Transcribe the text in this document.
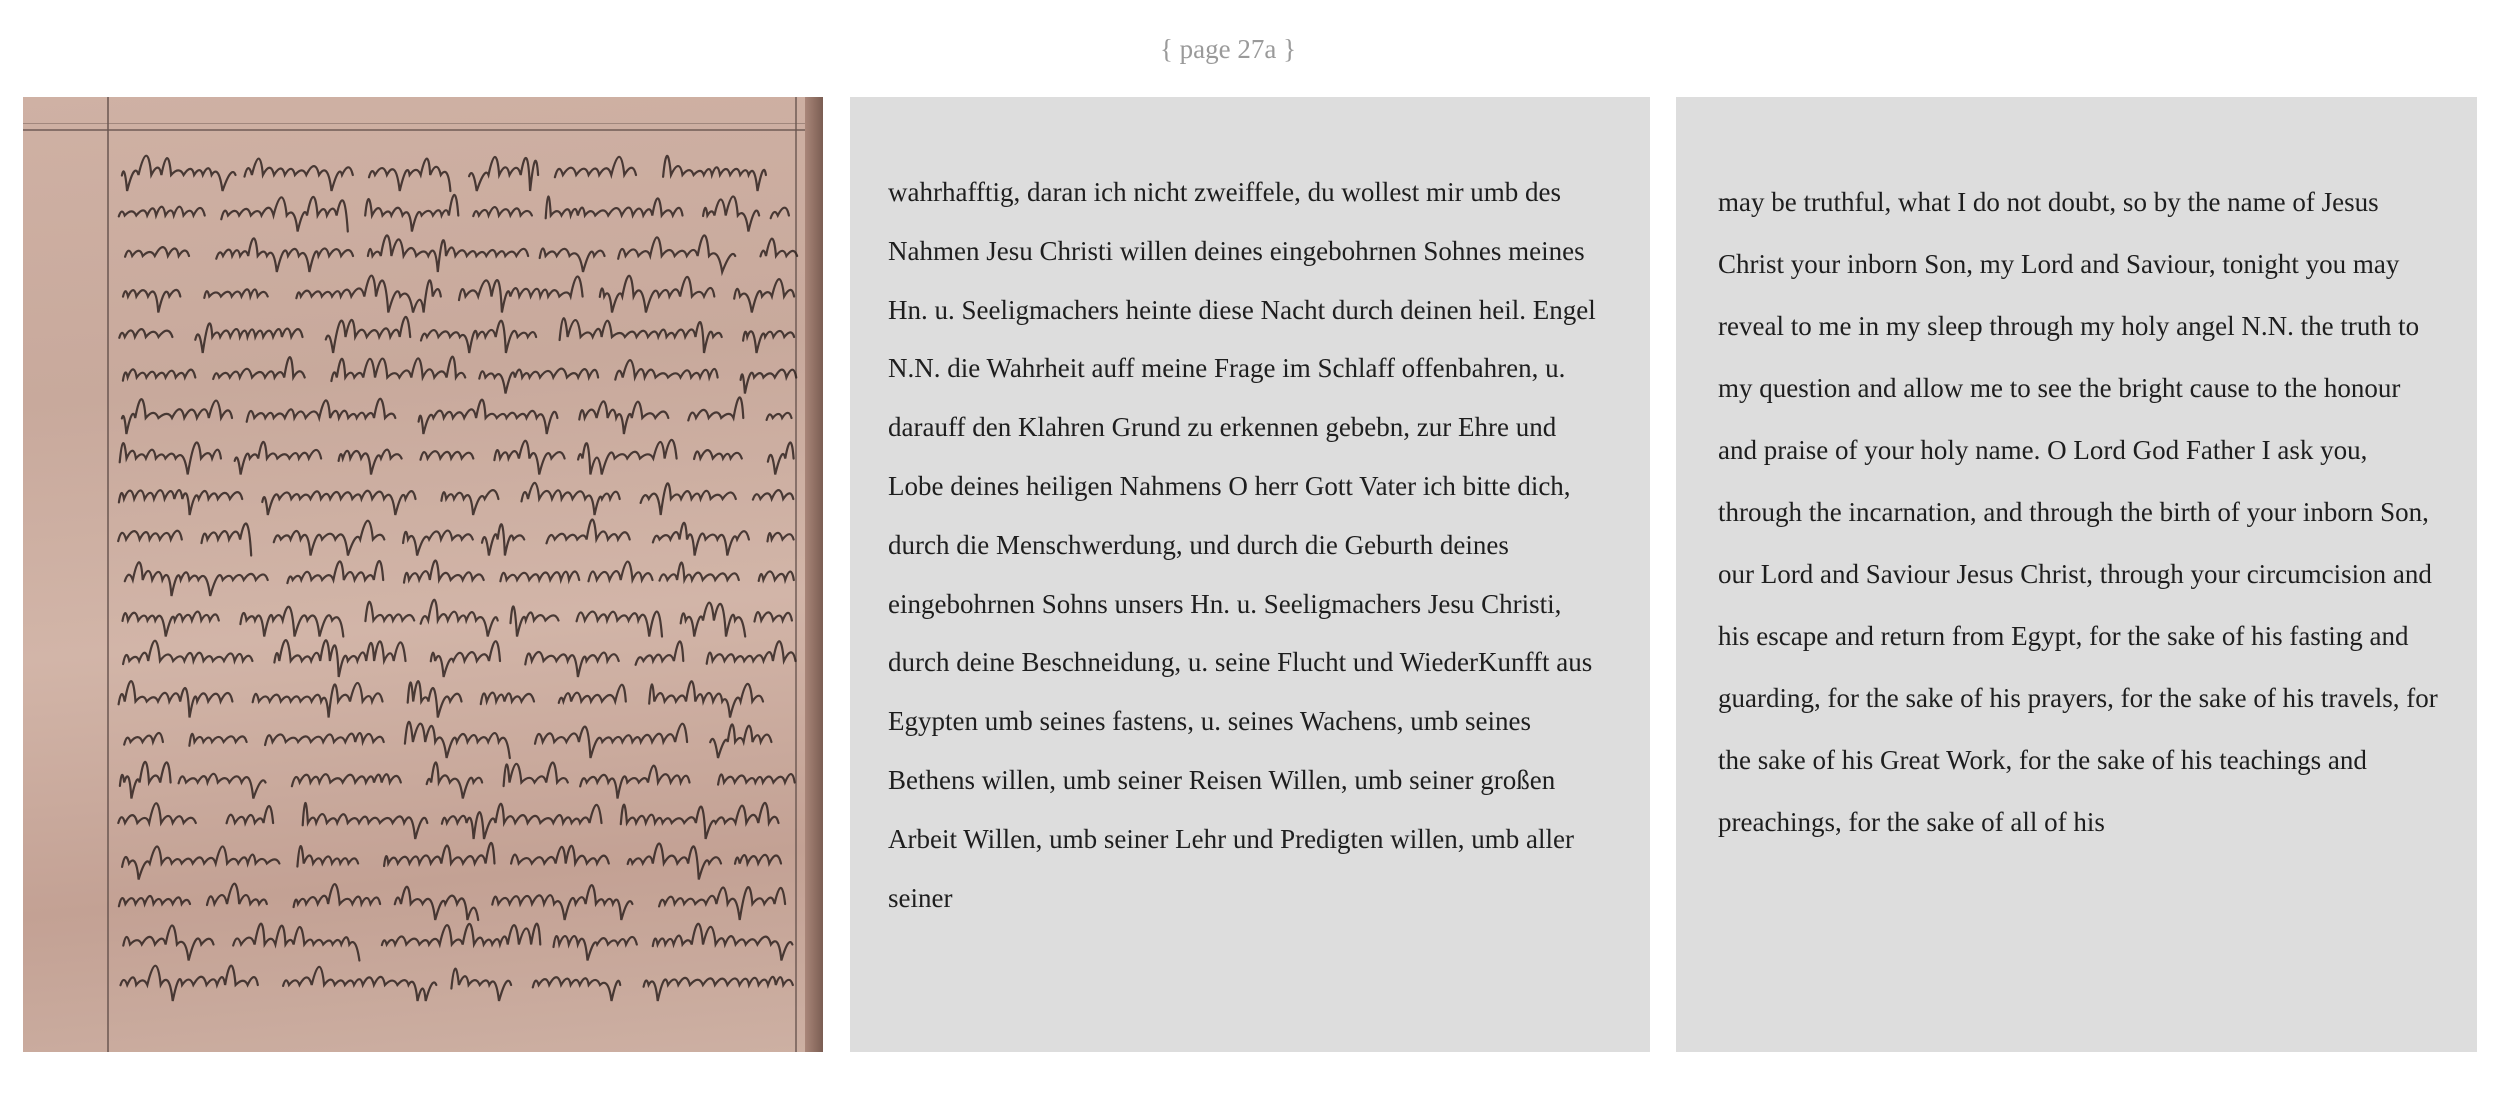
{ page 27a }

wahrhafftig, daran ich nicht zweiffele, du wollest mir umb des Nahmen Jesu Christi willen deines eingebohrnen Sohnes meines Hn. u. Seeligmachers heinte diese Nacht durch deinen heil. Engel N.N. die Wahrheit auff meine Frage im Schlaff offenbahren, u. darauff den Klahren Grund zu erkennen gebebn, zur Ehre und Lobe deines heiligen Nahmens O herr Gott Vater ich bitte dich, durch die Menschwerdung, und durch die Geburth deines eingebohrnen Sohns unsers Hn. u. Seeligmachers Jesu Christi, durch deine Beschneidung, u. seine Flucht und WiederKunfft aus Egypten umb seines fastens, u. seines Wachens, umb seines Bethens willen, umb seiner Reisen Willen, umb seiner großen Arbeit Willen, umb seiner Lehr und Predigten willen, umb aller seiner

may be truthful, what I do not doubt, so by the name of Jesus Christ your inborn Son, my Lord and Saviour, tonight you may reveal to me in my sleep through my holy angel N.N. the truth to my question and allow me to see the bright cause to the honour and praise of your holy name. O Lord God Father I ask you, through the incarnation, and through the birth of your inborn Son, our Lord and Saviour Jesus Christ, through your circumcision and his escape and return from Egypt, for the sake of his fasting and guarding, for the sake of his prayers, for the sake of his travels, for the sake of his Great Work, for the sake of his teachings and preachings, for the sake of all of his
